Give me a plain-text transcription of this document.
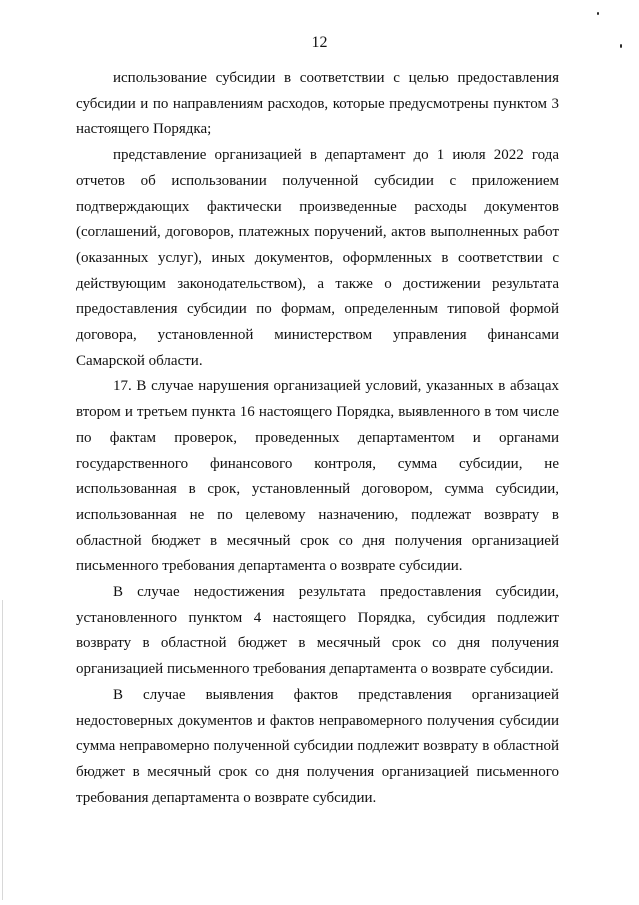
12
использование субсидии в соответствии с целью предоставления
субсидии и по направлениям расходов, которые предусмотрены пунктом 3
настоящего Порядка;
представление организацией в департамент до 1 июля 2022 года
отчетов об использовании полученной субсидии с приложением
подтверждающих фактически произведенные расходы документов
(соглашений, договоров, платежных поручений, актов выполненных работ
(оказанных услуг), иных документов, оформленных в соответствии с
действующим законодательством), а также о достижении результата
предоставления субсидии по формам, определенным типовой формой
договора, установленной министерством управления финансами
Самарской области.
17. В случае нарушения организацией условий, указанных в абзацах
втором и третьем пункта 16 настоящего Порядка, выявленного в том числе
по фактам проверок, проведенных департаментом и органами
государственного финансового контроля, сумма субсидии, не
использованная в срок, установленный договором, сумма субсидии,
использованная не по целевому назначению, подлежат возврату в
областной бюджет в месячный срок со дня получения организацией
письменного требования департамента о возврате субсидии.
В случае недостижения результата предоставления субсидии,
установленного пунктом 4 настоящего Порядка, субсидия подлежит
возврату в областной бюджет в месячный срок со дня получения
организацией письменного требования департамента о возврате субсидии.
В случае выявления фактов представления организацией
недостоверных документов и фактов неправомерного получения субсидии
сумма неправомерно полученной субсидии подлежит возврату в областной
бюджет в месячный срок со дня получения организацией письменного
требования департамента о возврате субсидии.
